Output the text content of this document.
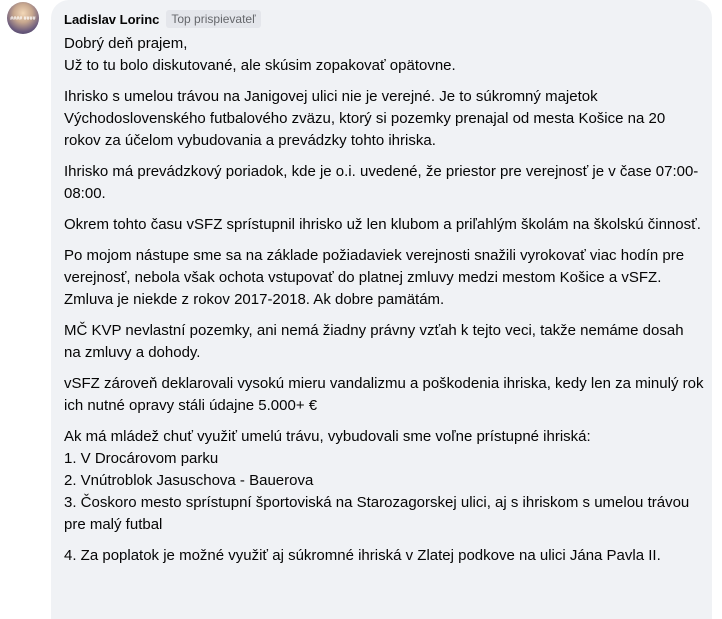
#### #### Ladislav Lorinc	Top prispievateľ

Dobrý deň prajem,
Už to tu bolo diskutované, ale skúsim zopakovať opätovne.

Ihrisko s umelou trávou na Janigovej ulici nie je verejné. Je to súkromný majetok Východoslovenského futbalového zväzu, ktorý si pozemky prenajal od mesta Košice na 20 rokov za účelom vybudovania a prevádzky tohto ihriska.

Ihrisko má prevádzkový poriadok, kde je o.i. uvedené, že priestor pre verejnosť je v čase 07:00-08:00.

Okrem tohto času vSFZ sprístupnil ihrisko už len klubom a priľahlým školám na školskú činnosť.

Po mojom nástupe sme sa na základe požiadaviek verejnosti snažili vyrokovať viac hodín pre verejnosť, nebola však ochota vstupovať do platnej zmluvy medzi mestom Košice a vSFZ. Zmluva je niekde z rokov 2017-2018. Ak dobre pamätám.

MČ KVP nevlastní pozemky, ani nemá žiadny právny vzťah k tejto veci, takže nemáme dosah na zmluvy a dohody.

vSFZ zároveň deklarovali vysokú mieru vandalizmu a poškodenia ihriska, kedy len za minulý rok ich nutné opravy stáli údajne 5.000+ €

Ak má mládež chuť využiť umelú trávu, vybudovali sme voľne prístupné ihriská:
1. V Drocárovom parku
2. Vnútroblok Jasuschova - Bauerova
3. Čoskoro mesto sprístupní športoviská na Starozagorskej ulici, aj s ihriskom s umelou trávou pre malý futbal

4. Za poplatok je možné využiť aj súkromné ihriská v Zlatej podkove na ulici Jána Pavla II.
